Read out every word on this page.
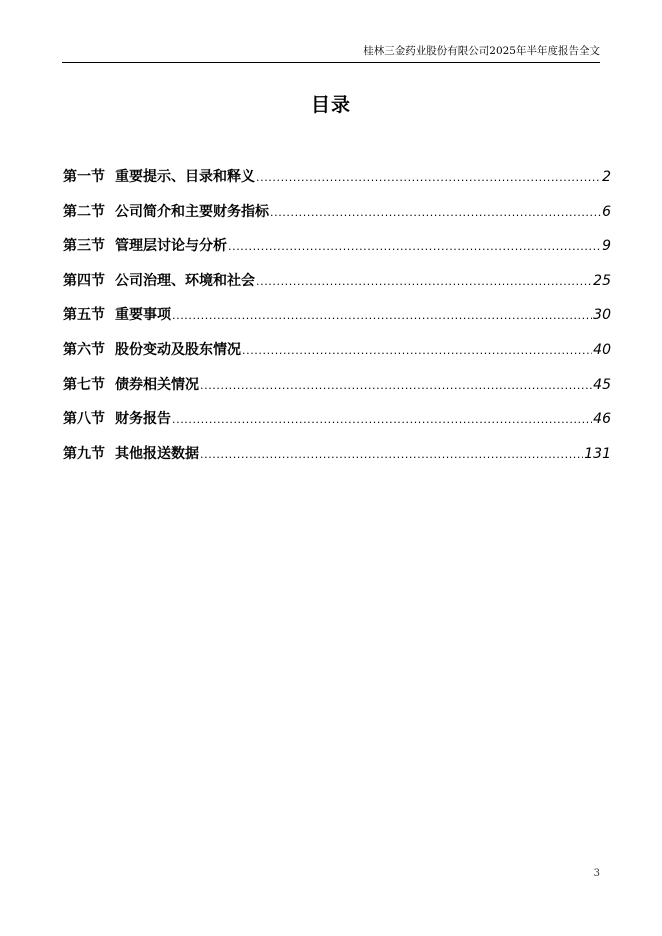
桂林三金药业股份有限公司2025年半年度报告全文
目录
第一节 重要提示、目录和释义 .....	2
第二节 公司简介和主要财务指标 .....	6
第三节 管理层讨论与分析 .....	9
第四节 公司治理、环境和社会 .....	25
第五节 重要事项 .....	30
第六节 股份变动及股东情况 .....	40
第七节 债券相关情况 .....	45
第八节 财务报告 .....	46
第九节 其他报送数据 .....	131
3
